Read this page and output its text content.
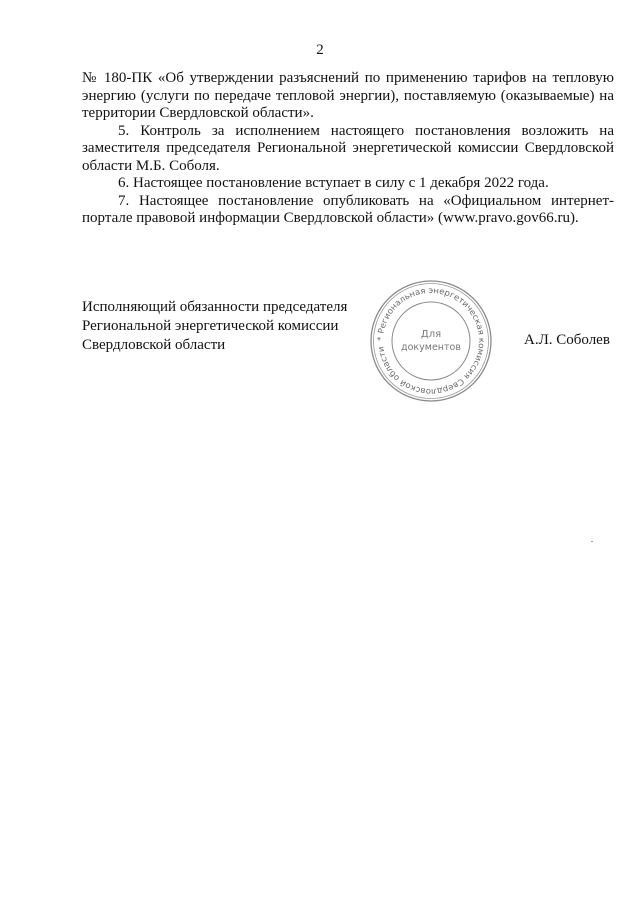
2

№ 180-ПК «Об утверждении разъяснений по применению тарифов на тепловую энергию (услуги по передаче тепловой энергии), поставляемую (оказываемые) на территории Свердловской области».

5. Контроль за исполнением настоящего постановления возложить на заместителя председателя Региональной энергетической комиссии Свердловской области М.Б. Соболя.

6. Настоящее постановление вступает в силу с 1 декабря 2022 года.

7. Настоящее постановление опубликовать на «Официальном интернет-портале правовой информации Свердловской области» (www.pravo.gov66.ru).

Исполняющий обязанности председателя
Региональной энергетической комиссии
Свердловской области	* Региональная энергетическая комиссия Свердловской области
Для
документов	А.Л. Соболев
